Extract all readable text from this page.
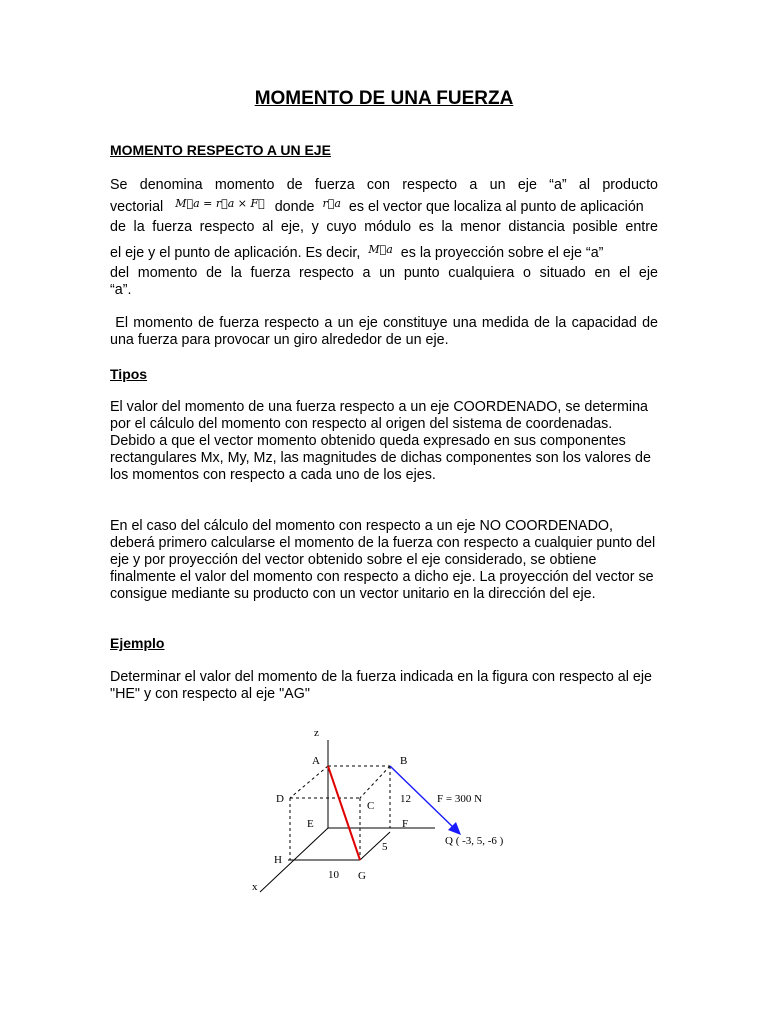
MOMENTO DE UNA FUERZA
MOMENTO RESPECTO A UN EJE
Se denomina momento de fuerza con respecto a un eje “a” al producto
vectorial $^{M⃗a = r⃗a \times F⃗}$ donde $^{r⃗a}$ es el vector que localiza al punto de aplicación
de la fuerza respecto al eje, y cuyo módulo es la menor distancia posible entre
el eje y el punto de aplicación. Es decir, $^{M⃗a}$ es la proyección sobre el eje “a”
del momento de la fuerza respecto a un punto cualquiera o situado en el eje
“a”.
El momento de fuerza respecto a un eje constituye una medida de la capacidad de una fuerza para provocar un giro alrededor de un eje.
Tipos
El valor del momento de una fuerza respecto a un eje COORDENADO, se determina por el cálculo del momento con respecto al origen del sistema de coordenadas. Debido a que el vector momento obtenido queda expresado en sus componentes rectangulares Mx, My, Mz, las magnitudes de dichas componentes son los valores de los momentos con respecto a cada uno de los ejes.
En el caso del cálculo del momento con respecto a un eje NO COORDENADO, deberá primero calcularse el momento de la fuerza con respecto a cualquier punto del eje y por proyección del vector obtenido sobre el eje considerado, se obtiene finalmente el valor del momento con respecto a dicho eje. La proyección del vector se consigue mediante su producto con un vector unitario en la dirección del eje.
Ejemplo
Determinar el valor del momento de la fuerza indicada en la figura con respecto al eje "HE" y con respecto al eje "AG"
z
x
A	B
C
D
E	F
G
H
12
5
10
F = 300 N
Q ( -3, 5, -6 )
